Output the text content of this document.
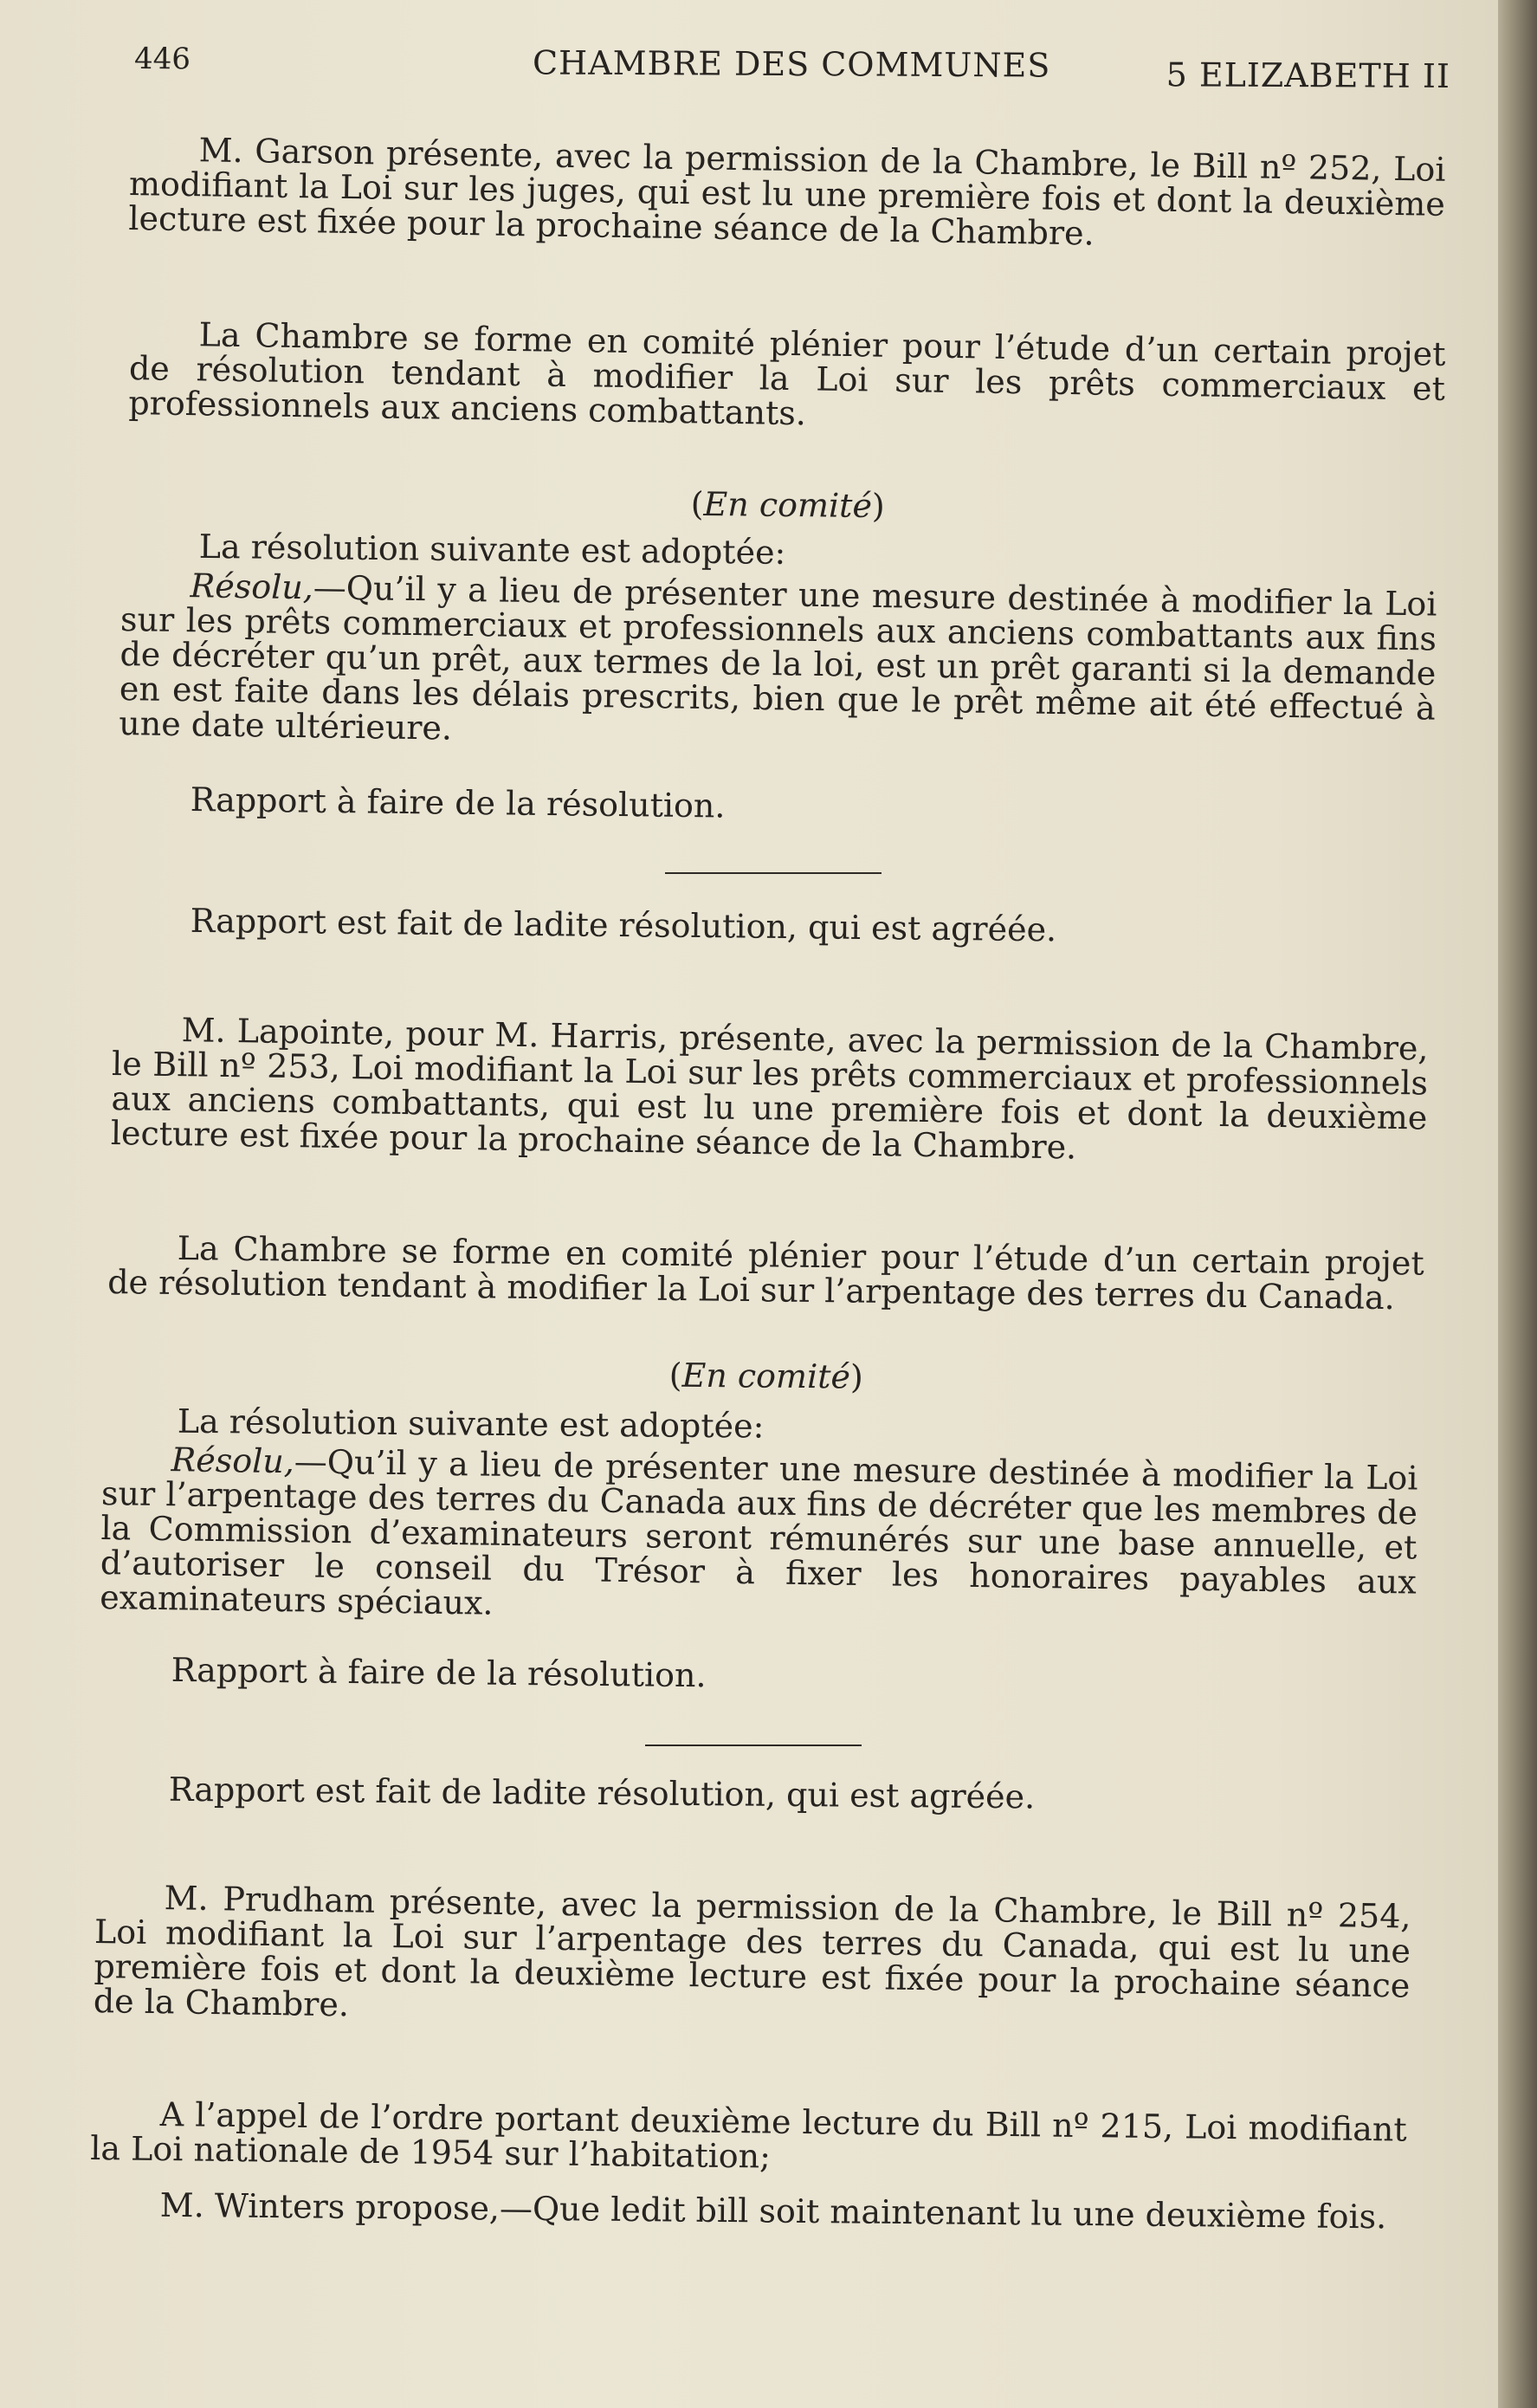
446	CHAMBRE DES COMMUNES	5 ELIZABETH II

M. Garson présente, avec la permission de la Chambre, le Bill nº 252, Loi modifiant la Loi sur les juges, qui est lu une première fois et dont la deuxième lecture est fixée pour la prochaine séance de la Chambre.

La Chambre se forme en comité plénier pour l’étude d’un certain projet de résolution tendant à modifier la Loi sur les prêts commerciaux et professionnels aux anciens combattants.

(En comité)

La résolution suivante est adoptée:

Résolu,—Qu’il y a lieu de présenter une mesure destinée à modifier la Loi sur les prêts commerciaux et professionnels aux anciens combattants aux fins de décréter qu’un prêt, aux termes de la loi, est un prêt garanti si la demande en est faite dans les délais prescrits, bien que le prêt même ait été effectué à une date ultérieure.

Rapport à faire de la résolution.

Rapport est fait de ladite résolution, qui est agréée.

M. Lapointe, pour M. Harris, présente, avec la permission de la Chambre, le Bill nº 253, Loi modifiant la Loi sur les prêts commerciaux et professionnels aux anciens combattants, qui est lu une première fois et dont la deuxième lecture est fixée pour la prochaine séance de la Chambre.

La Chambre se forme en comité plénier pour l’étude d’un certain projet de résolution tendant à modifier la Loi sur l’arpentage des terres du Canada.

(En comité)

La résolution suivante est adoptée:

Résolu,—Qu’il y a lieu de présenter une mesure destinée à modifier la Loi sur l’arpentage des terres du Canada aux fins de décréter que les membres de la Commission d’examinateurs seront rémunérés sur une base annuelle, et d’autoriser le conseil du Trésor à fixer les honoraires payables aux examinateurs spéciaux.

Rapport à faire de la résolution.

Rapport est fait de ladite résolution, qui est agréée.

M. Prudham présente, avec la permission de la Chambre, le Bill nº 254, Loi modifiant la Loi sur l’arpentage des terres du Canada, qui est lu une première fois et dont la deuxième lecture est fixée pour la prochaine séance de la Chambre.

A l’appel de l’ordre portant deuxième lecture du Bill nº 215, Loi modifiant la Loi nationale de 1954 sur l’habitation;

M. Winters propose,—Que ledit bill soit maintenant lu une deuxième fois.
